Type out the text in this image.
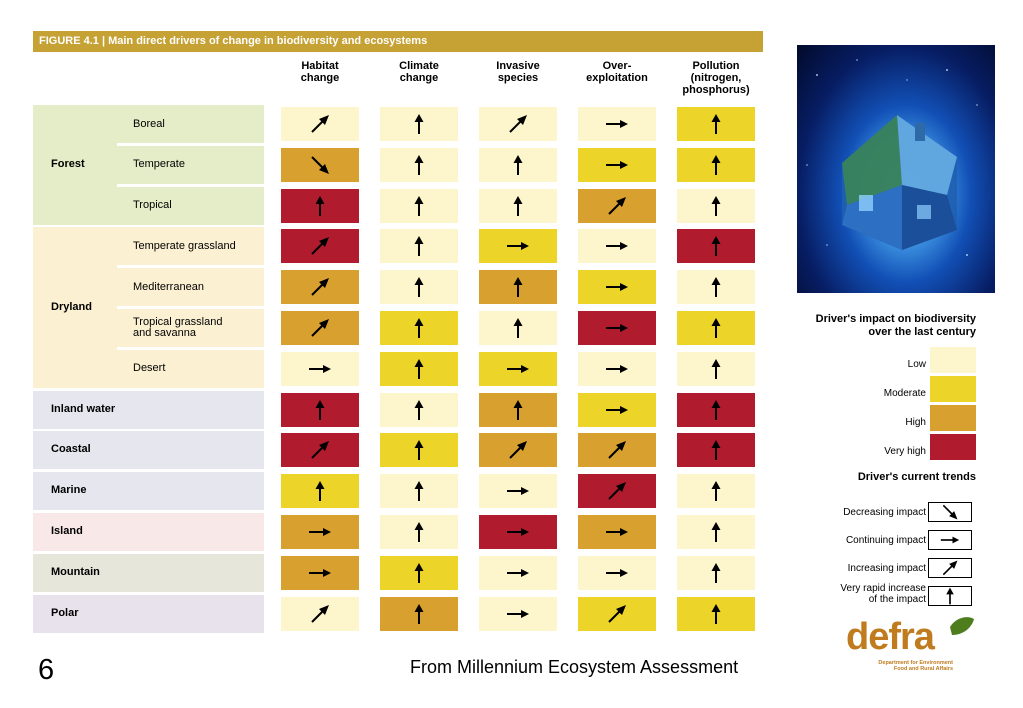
FIGURE 4.1 | Main direct drivers of change in biodiversity and ecosystems
Habitat
change
Climate
change
Invasive
species
Over-
exploitation
Pollution
(nitrogen,
phosphorus)
Forest
Boreal
Temperate
Tropical
Dryland
Temperate grassland
Mediterranean
Tropical grassland
and savanna
Desert
Inland water
Coastal
Marine
Island
Mountain
Polar
Driver's impact on biodiversity
over the last century
Low
Moderate
High
Very high
Driver's current trends
Decreasing impact
Continuing impact
Increasing impact
Very rapid increase
of the impact
6	From Millennium Ecosystem Assessment
defra
Department for Environment
Food and Rural Affairs
